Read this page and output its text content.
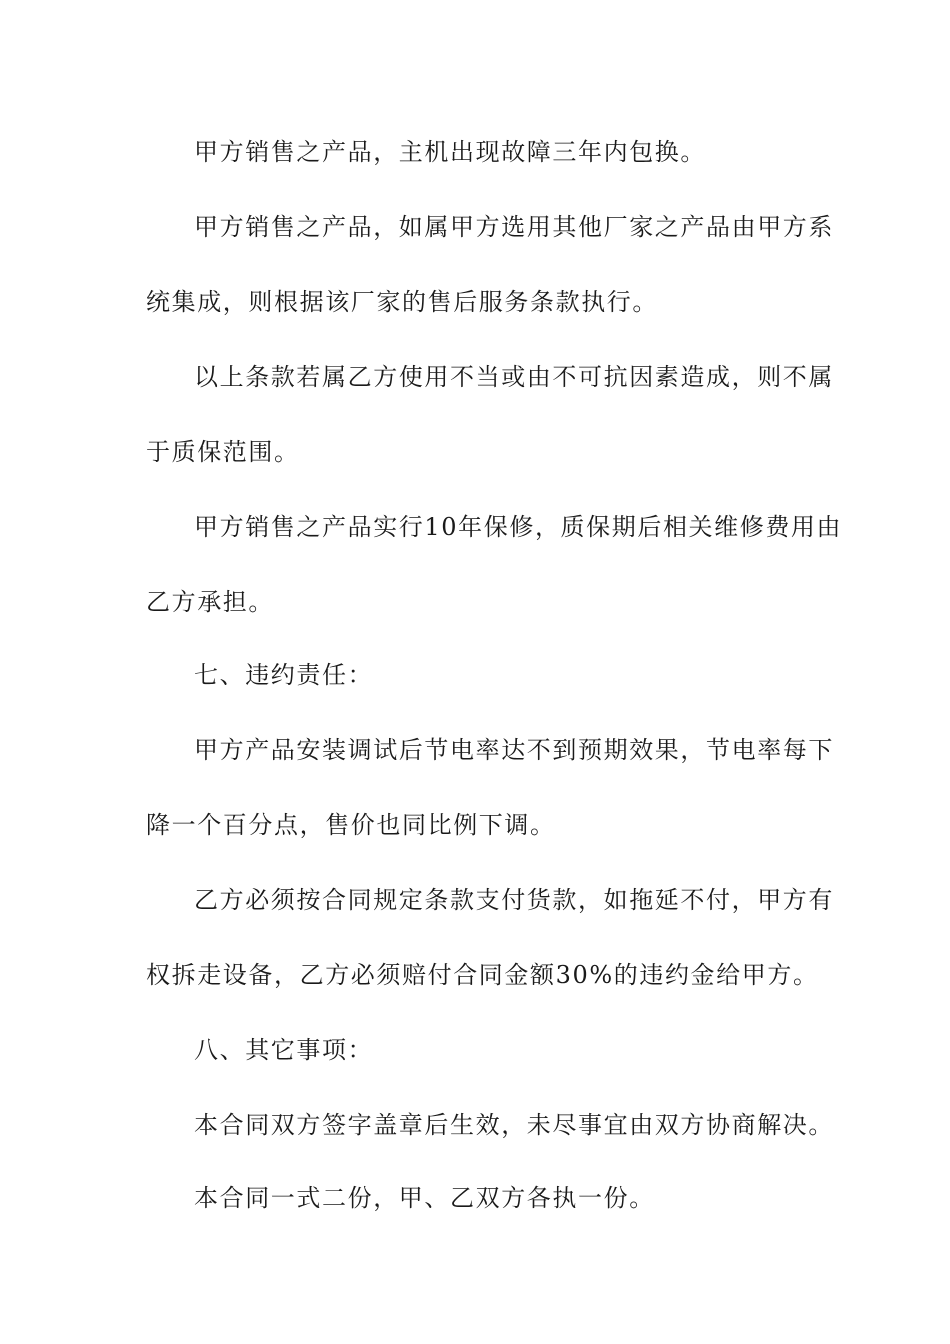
甲方销售之产品，主机出现故障三年内包换。
甲方销售之产品，如属甲方选用其他厂家之产品由甲方系
统集成，则根据该厂家的售后服务条款执行。
以上条款若属乙方使用不当或由不可抗因素造成，则不属
于质保范围。
甲方销售之产品实行10年保修，质保期后相关维修费用由
乙方承担。
七、违约责任：
甲方产品安装调试后节电率达不到预期效果，节电率每下
降一个百分点，售价也同比例下调。
乙方必须按合同规定条款支付货款，如拖延不付，甲方有
权拆走设备，乙方必须赔付合同金额30%的违约金给甲方。
八、其它事项：
本合同双方签字盖章后生效，未尽事宜由双方协商解决。
本合同一式二份，甲、乙双方各执一份。
